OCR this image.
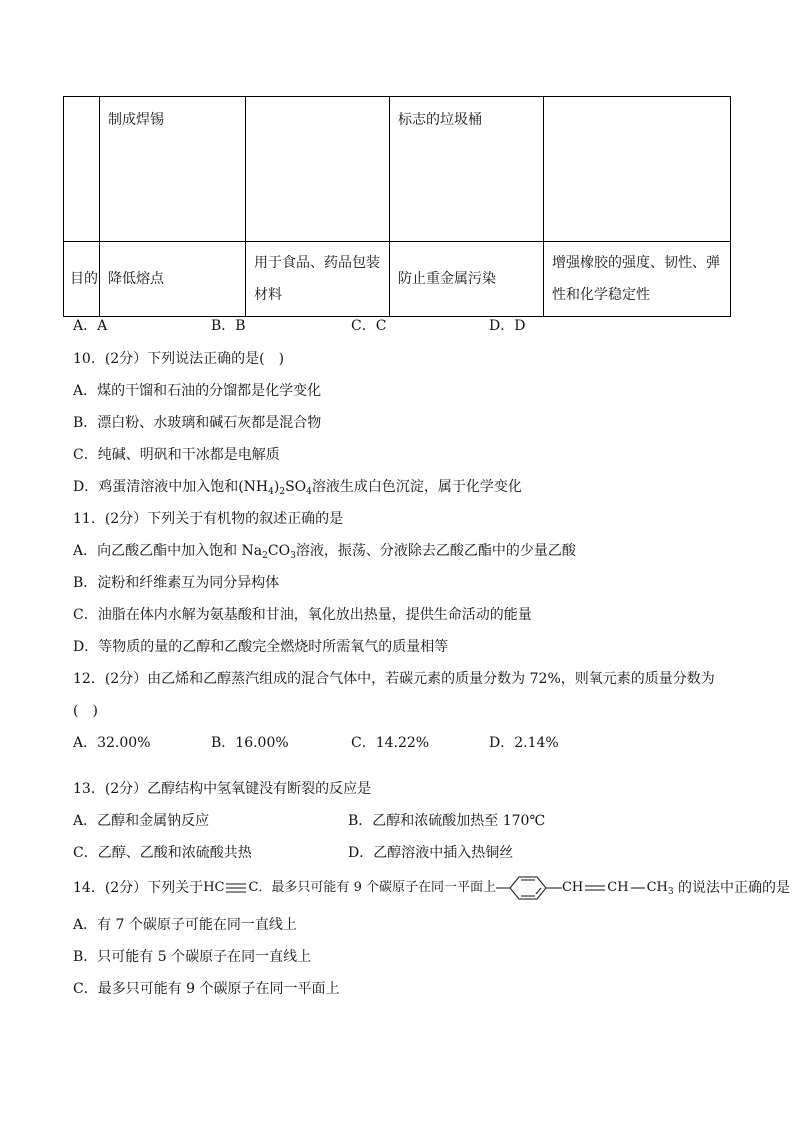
	制成焊锡		标志的垃圾桶	
目的	降低熔点	用于食品、药品包装材料	防止重金属污染	增强橡胶的强度、韧性、弹性和化学稳定性
A．A	B．B	C．C	D．D
10．(2分）下列说法正确的是(　)
A．煤的干馏和石油的分馏都是化学变化
B．漂白粉、水玻璃和碱石灰都是混合物
C．纯碱、明矾和干冰都是电解质
D．鸡蛋清溶液中加入饱和$(NH_4)_2SO_4$溶液生成白色沉淀，属于化学变化
11．(2分）下列关于有机物的叙述正确的是
A．向乙酸乙酯中加入饱和 $Na_2CO_3$溶液，振荡、分液除去乙酸乙酯中的少量乙酸
B．淀粉和纤维素互为同分异构体
C．油脂在体内水解为氨基酸和甘油，氧化放出热量，提供生命活动的能量
D．等物质的量的乙醇和乙酸完全燃烧时所需氧气的质量相等
12．(2分）由乙烯和乙醇蒸汽组成的混合气体中，若碳元素的质量分数为 72%，则氧元素的质量分数为
(　)
A．32.00%	B．16.00%	C．14.22%	D．2.14%
13．(2分）乙醇结构中氢氧键没有断裂的反应是
A．乙醇和金属钠反应	B．乙醇和浓硫酸加热至 170℃
C．乙醇、乙酸和浓硫酸共热	D．乙醇溶液中插入热铜丝
14．(2分）下列关于 HC C．最多只可能有 9 个碳原子在同一平面上	CH CH $CH_3$ 的说法中正确的是
A．有 7 个碳原子可能在同一直线上
B．只可能有 5 个碳原子在同一直线上
C．最多只可能有 9 个碳原子在同一平面上
